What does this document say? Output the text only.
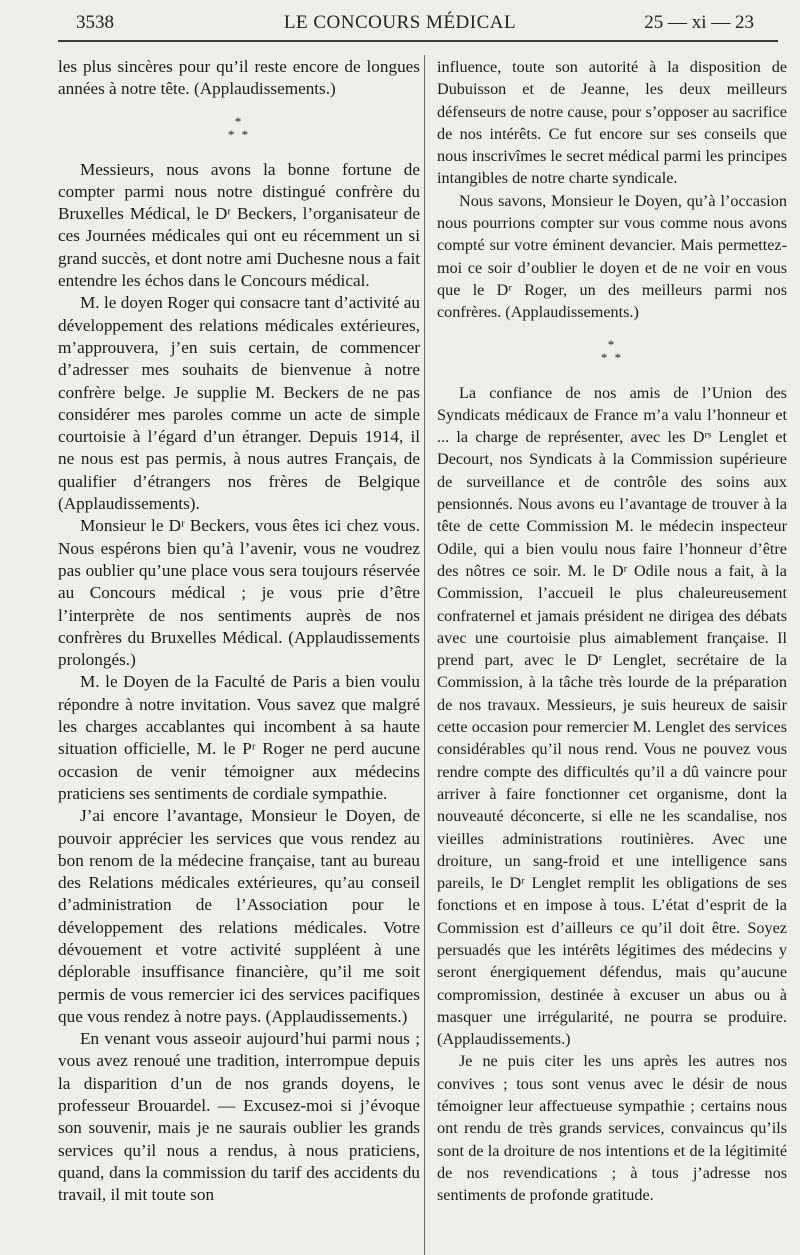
3538	LE CONCOURS MÉDICAL	25 — xi — 23

les plus sincères pour qu’il reste encore de longues années à notre tête. (Applaudissements.)

*
* *

Messieurs, nous avons la bonne fortune de compter parmi nous notre distingué confrère du Bruxelles Médical, le Dʳ Beckers, l’organisateur de ces Journées médicales qui ont eu récemment un si grand succès, et dont notre ami Duchesne nous a fait entendre les échos dans le Concours médical.

M. le doyen Roger qui consacre tant d’activité au développement des relations médicales extérieures, m’approuvera, j’en suis certain, de commencer d’adresser mes souhaits de bienvenue à notre confrère belge. Je supplie M. Beckers de ne pas considérer mes paroles comme un acte de simple courtoisie à l’égard d’un étranger. Depuis 1914, il ne nous est pas permis, à nous autres Français, de qualifier d’étrangers nos frères de Belgique (Applaudissements).

Monsieur le Dʳ Beckers, vous êtes ici chez vous. Nous espérons bien qu’à l’avenir, vous ne voudrez pas oublier qu’une place vous sera toujours réservée au Concours médical ; je vous prie d’être l’interprète de nos sentiments auprès de nos confrères du Bruxelles Médical. (Applaudissements prolongés.)

M. le Doyen de la Faculté de Paris a bien voulu répondre à notre invitation. Vous savez que malgré les charges accablantes qui incombent à sa haute situation officielle, M. le Pʳ Roger ne perd aucune occasion de venir témoigner aux médecins praticiens ses sentiments de cordiale sympathie.

J’ai encore l’avantage, Monsieur le Doyen, de pouvoir apprécier les services que vous rendez au bon renom de la médecine française, tant au bureau des Relations médicales extérieures, qu’au conseil d’administration de l’Association pour le développement des relations médicales. Votre dévouement et votre activité suppléent à une déplorable insuffisance financière, qu’il me soit permis de vous remercier ici des services pacifiques que vous rendez à notre pays. (Applaudissements.)

En venant vous asseoir aujourd’hui parmi nous ; vous avez renoué une tradition, interrompue depuis la disparition d’un de nos grands doyens, le professeur Brouardel. — Excusez-moi si j’évoque son souvenir, mais je ne saurais oublier les grands services qu’il nous a rendus, à nous praticiens, quand, dans la commission du tarif des accidents du travail, il mit toute son

influence, toute son autorité à la disposition de Dubuisson et de Jeanne, les deux meilleurs défenseurs de notre cause, pour s’opposer au sacrifice de nos intérêts. Ce fut encore sur ses conseils que nous inscrivîmes le secret médical parmi les principes intangibles de notre charte syndicale.

Nous savons, Monsieur le Doyen, qu’à l’occasion nous pourrions compter sur vous comme nous avons compté sur votre éminent devancier. Mais permettez-moi ce soir d’oublier le doyen et de ne voir en vous que le Dʳ Roger, un des meilleurs parmi nos confrères. (Applaudissements.)

*
* *

La confiance de nos amis de l’Union des Syndicats médicaux de France m’a valu l’honneur et ... la charge de représenter, avec les Dʳˢ Lenglet et Decourt, nos Syndicats à la Commission supérieure de surveillance et de contrôle des soins aux pensionnés. Nous avons eu l’avantage de trouver à la tête de cette Commission M. le médecin inspecteur Odile, qui a bien voulu nous faire l’honneur d’être des nôtres ce soir. M. le Dʳ Odile nous a fait, à la Commission, l’accueil le plus chaleureusement confraternel et jamais président ne dirigea des débats avec une courtoisie plus aimablement française. Il prend part, avec le Dʳ Lenglet, secrétaire de la Commission, à la tâche très lourde de la préparation de nos travaux. Messieurs, je suis heureux de saisir cette occasion pour remercier M. Lenglet des services considérables qu’il nous rend. Vous ne pouvez vous rendre compte des difficultés qu’il a dû vaincre pour arriver à faire fonctionner cet organisme, dont la nouveauté déconcerte, si elle ne les scandalise, nos vieilles administrations routinières. Avec une droiture, un sang-froid et une intelligence sans pareils, le Dʳ Lenglet remplit les obligations de ses fonctions et en impose à tous. L’état d’esprit de la Commission est d’ailleurs ce qu’il doit être. Soyez persuadés que les intérêts légitimes des médecins y seront énergiquement défendus, mais qu’aucune compromission, destinée à excuser un abus ou à masquer une irrégularité, ne pourra se produire. (Applaudissements.)

Je ne puis citer les uns après les autres nos convives ; tous sont venus avec le désir de nous témoigner leur affectueuse sympathie ; certains nous ont rendu de très grands services, convaincus qu’ils sont de la droiture de nos intentions et de la légitimité de nos revendications ; à tous j’adresse nos sentiments de profonde gratitude.
